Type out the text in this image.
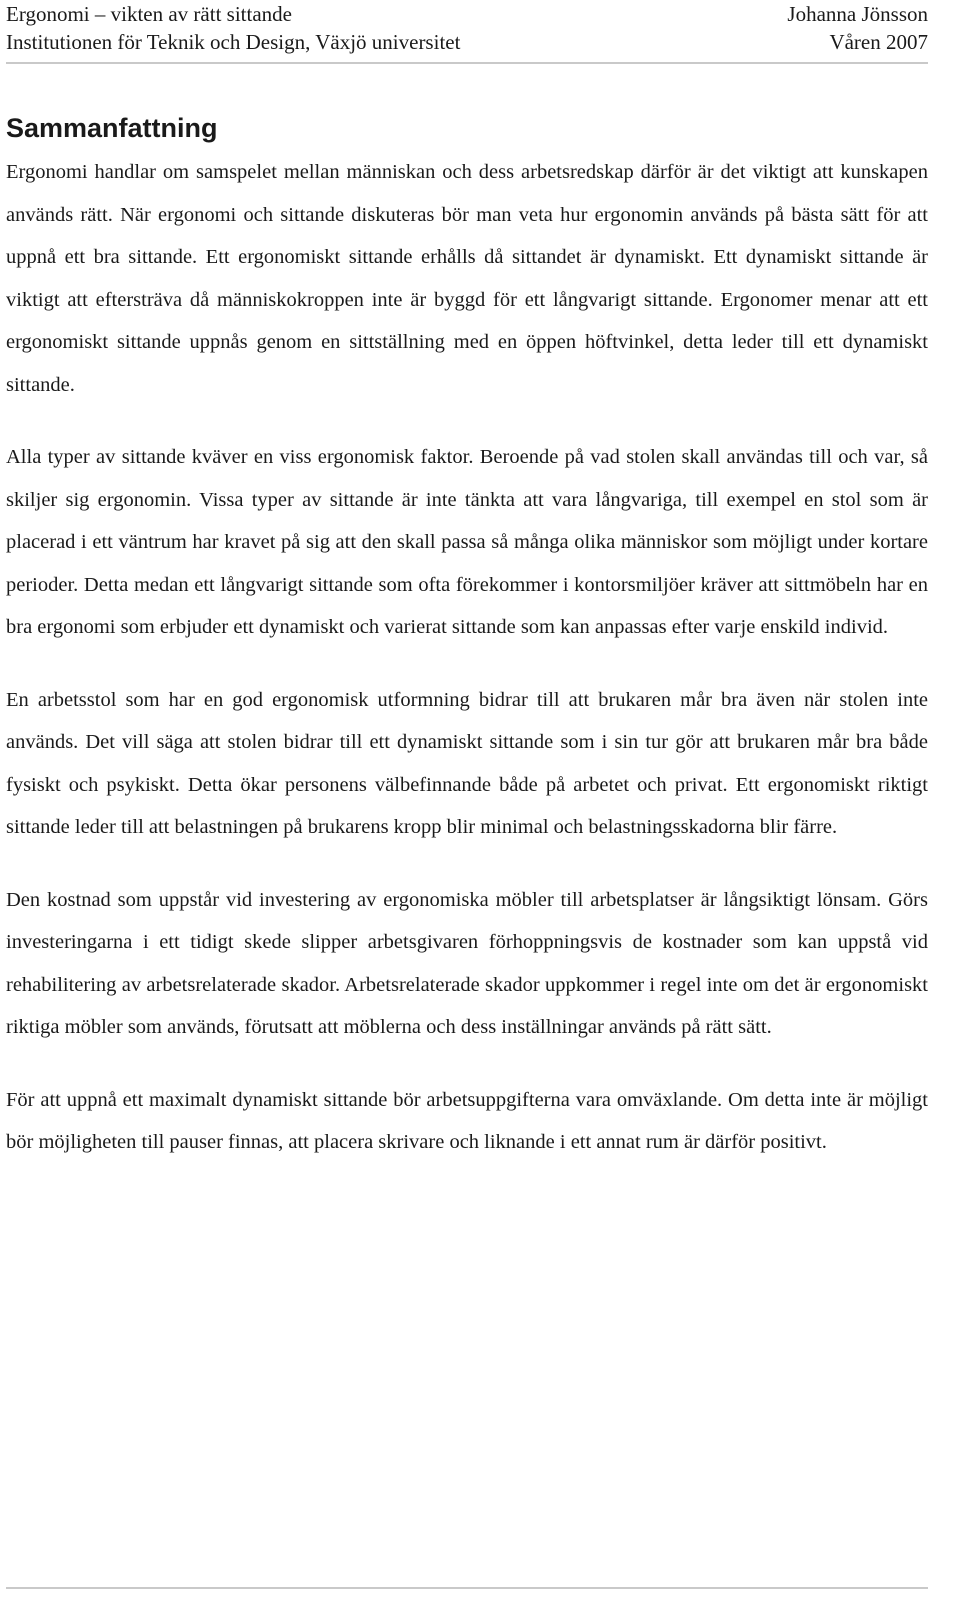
Ergonomi – vikten av rätt sittande	Johanna Jönsson
Institutionen för Teknik och Design, Växjö universitet	Våren 2007
Sammanfattning

Ergonomi handlar om samspelet mellan människan och dess arbetsredskap därför är det viktigt att kunskapen används rätt. När ergonomi och sittande diskuteras bör man veta hur ergonomin används på bästa sätt för att uppnå ett bra sittande. Ett ergonomiskt sittande erhålls då sittandet är dynamiskt. Ett dynamiskt sittande är viktigt att eftersträva då människokroppen inte är byggd för ett långvarigt sittande. Ergonomer menar att ett ergonomiskt sittande uppnås genom en sittställning med en öppen höftvinkel, detta leder till ett dynamiskt sittande.

Alla typer av sittande kväver en viss ergonomisk faktor. Beroende på vad stolen skall användas till och var, så skiljer sig ergonomin. Vissa typer av sittande är inte tänkta att vara långvariga, till exempel en stol som är placerad i ett väntrum har kravet på sig att den skall passa så många olika människor som möjligt under kortare perioder. Detta medan ett långvarigt sittande som ofta förekommer i kontorsmiljöer kräver att sittmöbeln har en bra ergonomi som erbjuder ett dynamiskt och varierat sittande som kan anpassas efter varje enskild individ.

En arbetsstol som har en god ergonomisk utformning bidrar till att brukaren mår bra även när stolen inte används. Det vill säga att stolen bidrar till ett dynamiskt sittande som i sin tur gör att brukaren mår bra både fysiskt och psykiskt. Detta ökar personens välbefinnande både på arbetet och privat. Ett ergonomiskt riktigt sittande leder till att belastningen på brukarens kropp blir minimal och belastningsskadorna blir färre.

Den kostnad som uppstår vid investering av ergonomiska möbler till arbetsplatser är långsiktigt lönsam. Görs investeringarna i ett tidigt skede slipper arbetsgivaren förhoppningsvis de kostnader som kan uppstå vid rehabilitering av arbetsrelaterade skador. Arbetsrelaterade skador uppkommer i regel inte om det är ergonomiskt riktiga möbler som används, förutsatt att möblerna och dess inställningar används på rätt sätt.

För att uppnå ett maximalt dynamiskt sittande bör arbetsuppgifterna vara omväxlande. Om detta inte är möjligt bör möjligheten till pauser finnas, att placera skrivare och liknande i ett annat rum är därför positivt.
